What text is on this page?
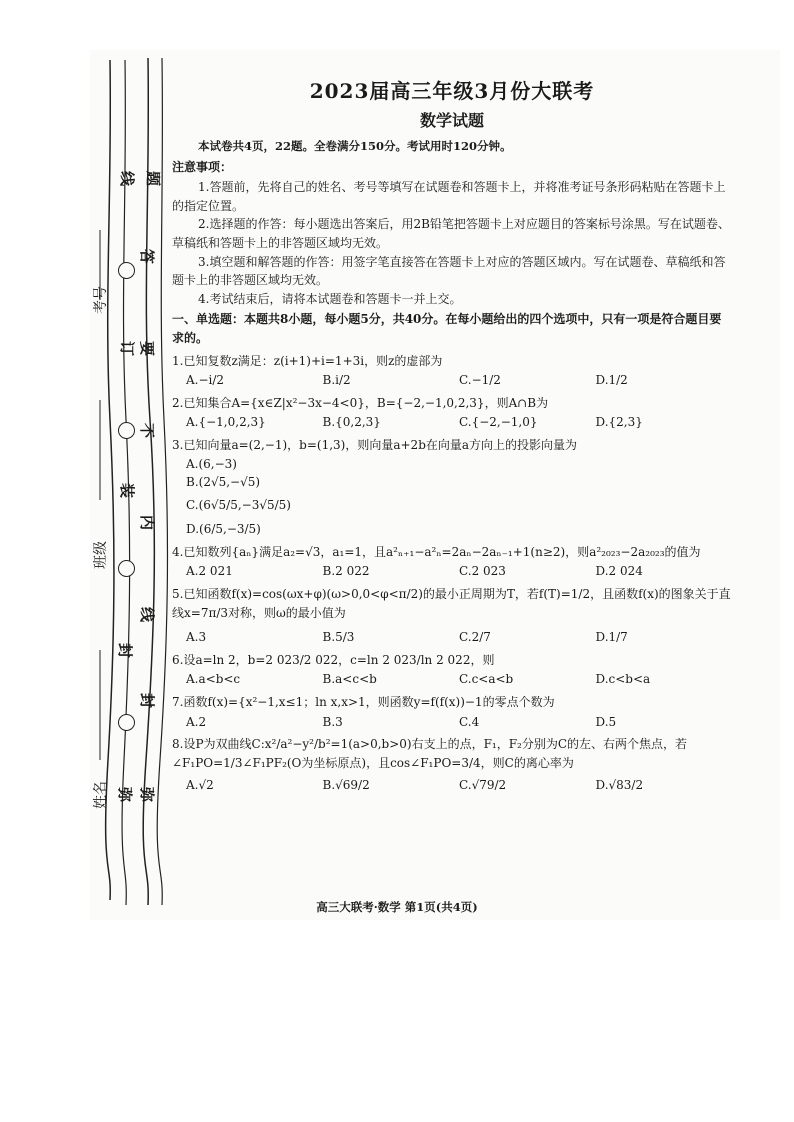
考号
班级
姓名
线
答
订 要
不
装
内
线
封
封
弥 弥
题
2023届高三年级3月份大联考
数学试题
本试卷共4页，22题。全卷满分150分。考试用时120分钟。
注意事项：

1.答题前，先将自己的姓名、考号等填写在试题卷和答题卡上，并将准考证号条形码粘贴在答题卡上的指定位置。

2.选择题的作答：每小题选出答案后，用2B铅笔把答题卡上对应题目的答案标号涂黑。写在试题卷、草稿纸和答题卡上的非答题区域均无效。

3.填空题和解答题的作答：用签字笔直接答在答题卡上对应的答题区域内。写在试题卷、草稿纸和答题卡上的非答题区域均无效。

4.考试结束后，请将本试题卷和答题卡一并上交。

一、单选题：本题共8小题，每小题5分，共40分。在每小题给出的四个选项中，只有一项是符合题目要求的。
1.已知复数z满足：z(i+1)+i=1+3i，则z的虚部为
A.−i/2	B.i/2	C.−1/2	D.1/2
2.已知集合A={x∈Z|x²−3x−4<0}，B={−2,−1,0,2,3}，则A∩B为
A.{−1,0,2,3}	B.{0,2,3}	C.{−2,−1,0}	D.{2,3}
3.已知向量a=(2,−1)，b=(1,3)，则向量a+2b在向量a方向上的投影向量为
A.(6,−3)
B.(2√5,−√5)
C.(6√5/5,−3√5/5)
D.(6/5,−3/5)
4.已知数列{aₙ}满足a₂=√3，a₁=1，且a²ₙ₊₁−a²ₙ=2aₙ−2aₙ₋₁+1(n≥2)，则a²₂₀₂₃−2a₂₀₂₃的值为
A.2 021	B.2 022	C.2 023	D.2 024
5.已知函数f(x)=cos(ωx+φ)(ω>0,0<φ<π/2)的最小正周期为T，若f(T)=1/2，且函数f(x)的图象关于直线x=7π/3对称，则ω的最小值为
A.3	B.5/3	C.2/7	D.1/7
6.设a=ln 2，b=2 023/2 022，c=ln 2 023/ln 2 022，则
A.a<b<c	B.a<c<b	C.c<a<b	D.c<b<a
7.函数f(x)={x²−1,x≤1；ln x,x>1，则函数y=f(f(x))−1的零点个数为
A.2	B.3	C.4	D.5
8.设P为双曲线C:x²/a²−y²/b²=1(a>0,b>0)右支上的点，F₁，F₂分别为C的左、右两个焦点，若∠F₁PO=1/3∠F₁PF₂(O为坐标原点)，且cos∠F₁PO=3/4，则C的离心率为
A.√2	B.√69/2	C.√79/2	D.√83/2
高三大联考·数学 第1页(共4页)
